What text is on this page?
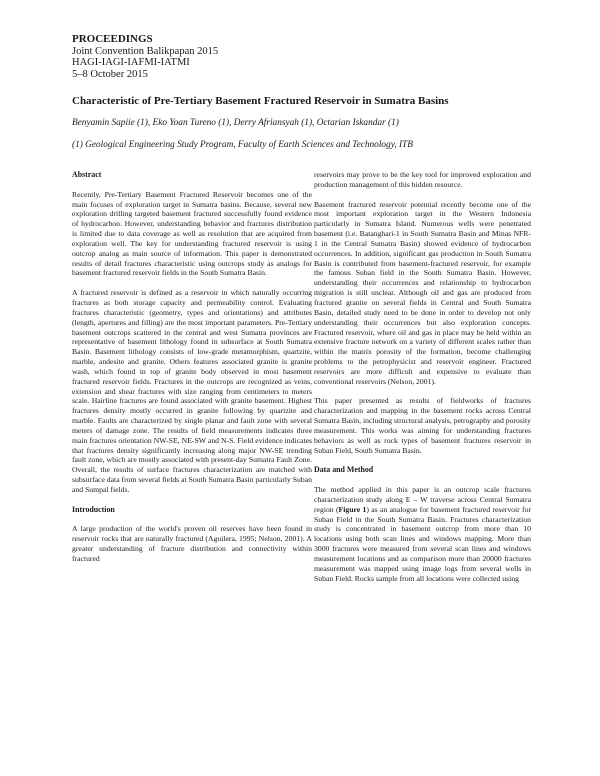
PROCEEDINGS
Joint Convention Balikpapan 2015
HAGI-IAGI-IAFMI-IATMI
5–8 October 2015
Characteristic of Pre-Tertiary Basement Fractured Reservoir in Sumatra Basins
Benyamin Sapiie (1), Eko Yoan Tureno (1), Derry Afriansyah (1), Octarian Iskandar (1)
(1) Geological Engineering Study Program, Faculty of Earth Sciences and Technology, ITB
Abstract

Recently, Pre-Tertiary Basement Fractured Reservoir becomes one of the main focuses of exploration target in Sumatra basins. Because, several new exploration drilling targeted basement fractured successfully found evidence of hydrocarbon. However, understanding behavior and fractures distribution is limited due to data coverage as well as resolution that are acquired from exploration well. The key for understanding fractured reservoir is using outcrop analog as main source of information. This paper is demonstrated results of detail fractures characteristic using outcrops study as analogs for basement fractured reservoir fields in the South Sumatra Basin.

A fractured reservoir is defined as a reservoir in which naturally occurring fractures as both storage capacity and permeability control. Evaluating fractures characteristic (geometry, types and orientations) and attributes (length, apertures and filling) are the most important parameters. Pre-Tertiary basement outcrops scattered in the central and west Sumatra provinces are representative of basement lithology found in subsurface at South Sumatra Basin. Basement lithology consists of low-grade metamorphism, quartzite, marble, andesite and granite. Others features associated granite is granite wash, which found in top of granite body observed in most basement fractured reservoir fields. Fractures in the outcrops are recognized as veins, extension and shear fractures with size ranging from centimeters to meters scale. Hairline fractures are found associated with granite basement. Highest fractures density mostly occurred in granite following by quartzite and marble. Faults are characterized by single planar and fault zone with several meters of damage zone. The results of field measurements indicates three main fractures orientation NW-SE, NE-SW and N-S. Field evidence indicates that fractures density significantly increasing along major NW-SE trending fault zone, which are mostly associated with present-day Sumatra Fault Zone. Overall, the results of surface fractures characterization are matched with subsurface data from several fields at South Sumatra Basin particularly Suban and Sumpal fields.

Introduction

A large production of the world's proven oil reserves have been found in reservoir rocks that are naturally fractured (Aguilera, 1995; Nelson, 2001). A greater understanding of fracture distribution and connectivity within fractured

reservoirs may prove to be the key tool for improved exploration and production management of this hidden resource.

Basement fractured reservoir potential recently become one of the most important exploration target in the Western Indonesia particularly in Sumatra Island. Numerous wells were penetrated basement (i.e. Batanghari-1 in South Sumatra Basin and Minas NFR-1 in the Central Sumatra Basin) showed evidence of hydrocarbon occurrences. In addition, significant gas production in South Sumatra Basin is contributed from basement-fractured reservoir, for example the famous Suban field in the South Sumatra Basin. However, understanding their occurrences and relationship to hydrocarbon migration is still unclear. Although oil and gas are produced from fractured granite on several fields in Central and South Sumatra Basin, detailed study need to be done in order to develop not only understanding their occurrences but also exploration concepts. Fractured reservoir, where oil and gas in place may be held within an extensive fracture network on a variety of different scales rather than within the matrix porosity of the formation, become challenging problems to the petrophysicist and reservoir engineer. Fractured reservoirs are more difficult and expensive to evaluate than conventional reservoirs (Nelson, 2001).

This paper presented as results of fieldworks of fractures characterization and mapping in the basement rocks across Central Sumatra Basin, including structural analysis, petrography and porosity measurement. This works was aiming for understanding fractures behaviors as well as rock types of basement fractures reservoir in Suban Field, South Sumatra Basin.

Data and Method

The method applied in this paper is an outcrop scale fractures characterization study along E – W traverse across Central Sumatra region (Figure 1) as an analogue for basement fractured reservoir for Suban Field in the South Sumatra Basin. Fractures characterization study is concentrated in basement outcrop from more than 10 locations using both scan lines and windows mapping. More than 3000 fractures were measured from several scan lines and windows measurement locations and as comparison more than 20000 fractures measurement was mapped using image logs from several wells in Suban Field. Rocks sample from all locations were collected using
